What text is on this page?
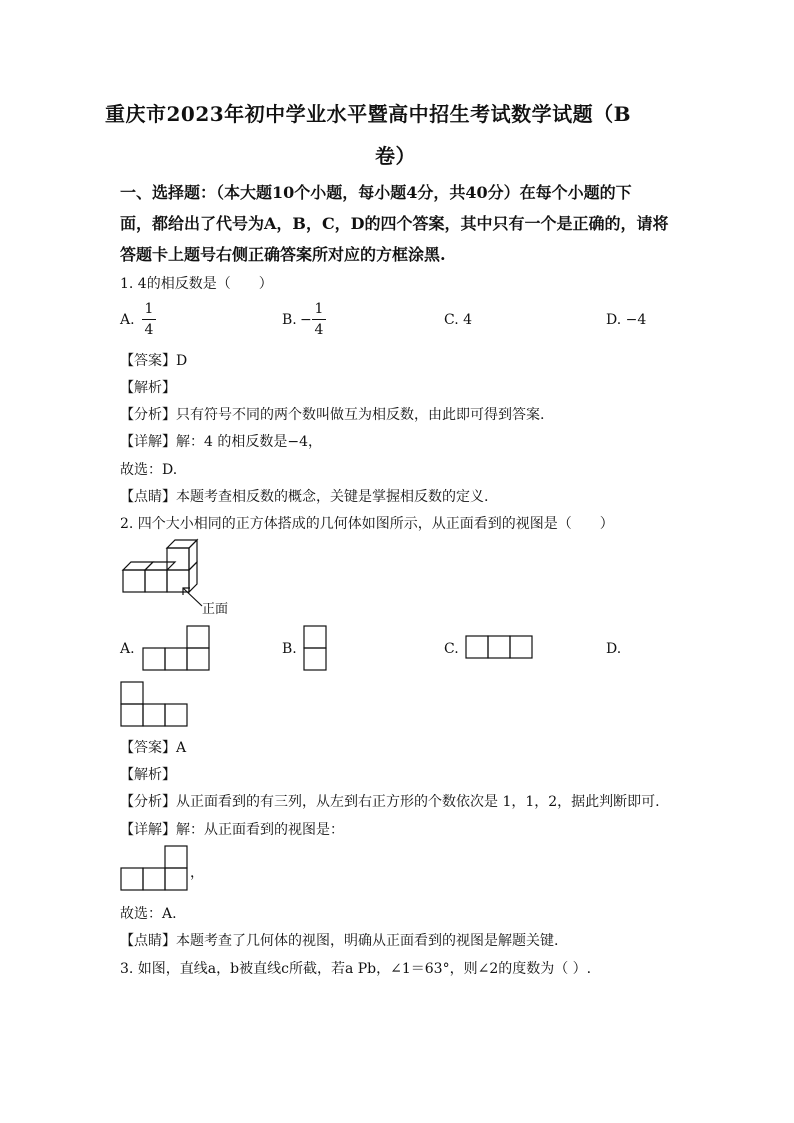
重庆市2023年初中学业水平暨高中招生考试数学试题（B
卷）
一、选择题：（本大题10个小题，每小题4分，共40分）在每个小题的下
面，都给出了代号为A，B，C，D的四个答案，其中只有一个是正确的，请将
答题卡上题号右侧正确答案所对应的方框涂黑.
1. 4的相反数是（　　）
A.
1
4
B. −
1
4
C. 4	D. −4
【答案】D
【解析】
【分析】只有符号不同的两个数叫做互为相反数，由此即可得到答案.
【详解】解：4 的相反数是−4，
故选：D.
【点睛】本题考查相反数的概念，关键是掌握相反数的定义.
2. 四个大小相同的正方体搭成的几何体如图所示，从正面看到的视图是（　　）
正面
A.	B.	C.	D.
【答案】A
【解析】
【分析】从正面看到的有三列，从左到右正方形的个数依次是 1，1，2，据此判断即可.
【详解】解：从正面看到的视图是：
，
故选：A.
【点睛】本题考查了几何体的视图，明确从正面看到的视图是解题关键.
3. 如图，直线a，b被直线c所截，若a Pb，∠1＝63°，则∠2的度数为（ ）.
